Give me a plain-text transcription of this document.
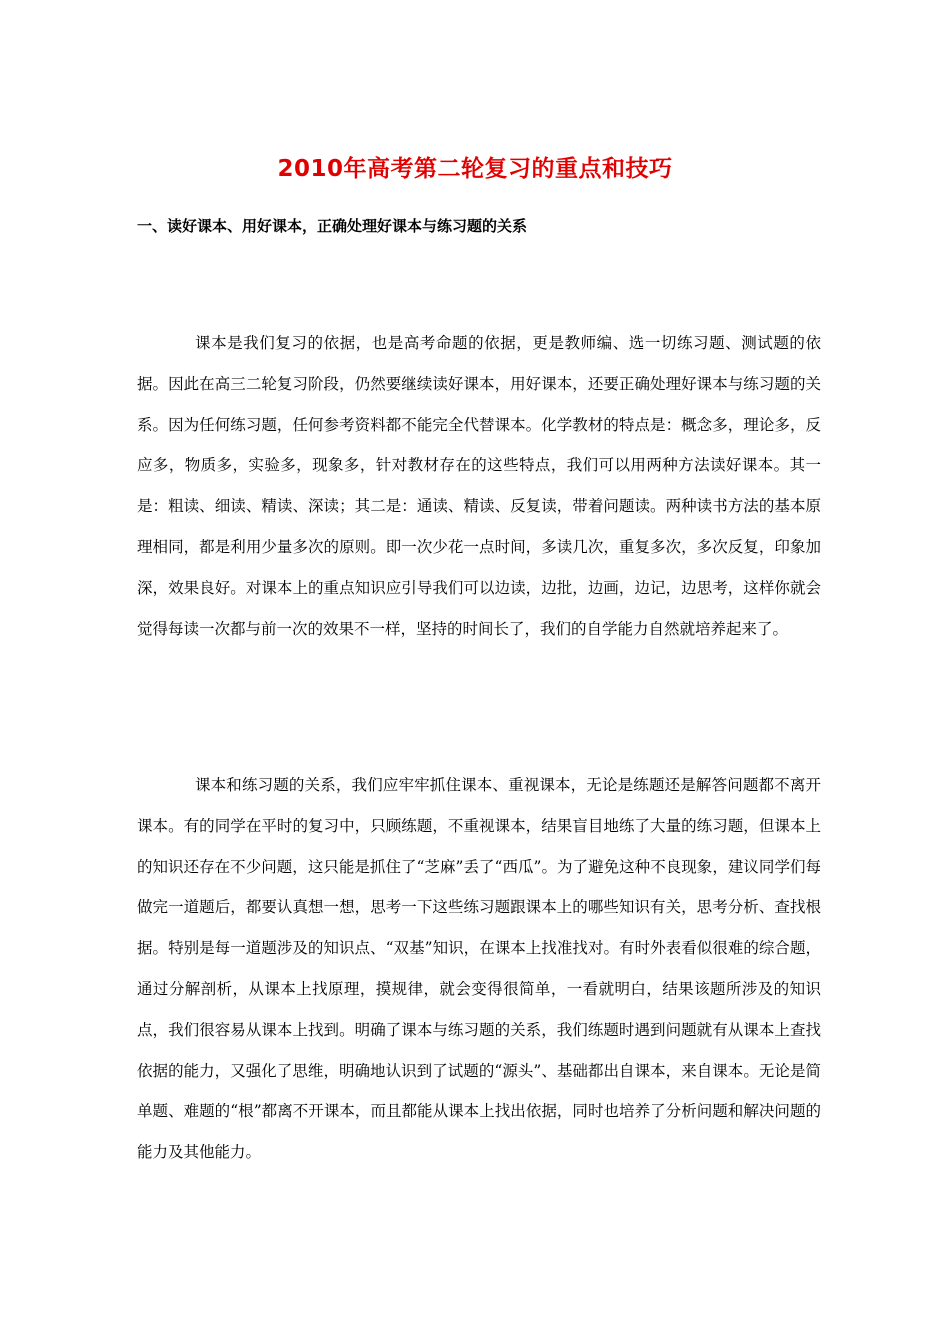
2010年高考第二轮复习的重点和技巧
一、读好课本、用好课本，正确处理好课本与练习题的关系

课本是我们复习的依据，也是高考命题的依据，更是教师编、选一切练习题、测试题的依据。因此在高三二轮复习阶段，仍然要继续读好课本，用好课本，还要正确处理好课本与练习题的关系。因为任何练习题，任何参考资料都不能完全代替课本。化学教材的特点是：概念多，理论多，反应多，物质多，实验多，现象多，针对教材存在的这些特点，我们可以用两种方法读好课本。其一是：粗读、细读、精读、深读；其二是：通读、精读、反复读，带着问题读。两种读书方法的基本原理相同，都是利用少量多次的原则。即一次少花一点时间，多读几次，重复多次，多次反复，印象加深，效果良好。对课本上的重点知识应引导我们可以边读，边批，边画，边记，边思考，这样你就会觉得每读一次都与前一次的效果不一样，坚持的时间长了，我们的自学能力自然就培养起来了。

课本和练习题的关系，我们应牢牢抓住课本、重视课本，无论是练题还是解答问题都不离开课本。有的同学在平时的复习中，只顾练题，不重视课本，结果盲目地练了大量的练习题，但课本上的知识还存在不少问题，这只能是抓住了“芝麻”丢了“西瓜”。为了避免这种不良现象，建议同学们每做完一道题后，都要认真想一想，思考一下这些练习题跟课本上的哪些知识有关，思考分析、查找根据。特别是每一道题涉及的知识点、“双基”知识，在课本上找准找对。有时外表看似很难的综合题，通过分解剖析，从课本上找原理，摸规律，就会变得很简单，一看就明白，结果该题所涉及的知识点，我们很容易从课本上找到。明确了课本与练习题的关系，我们练题时遇到问题就有从课本上查找依据的能力，又强化了思维，明确地认识到了试题的“源头”、基础都出自课本，来自课本。无论是简单题、难题的“根”都离不开课本，而且都能从课本上找出依据，同时也培养了分析问题和解决问题的能力及其他能力。
